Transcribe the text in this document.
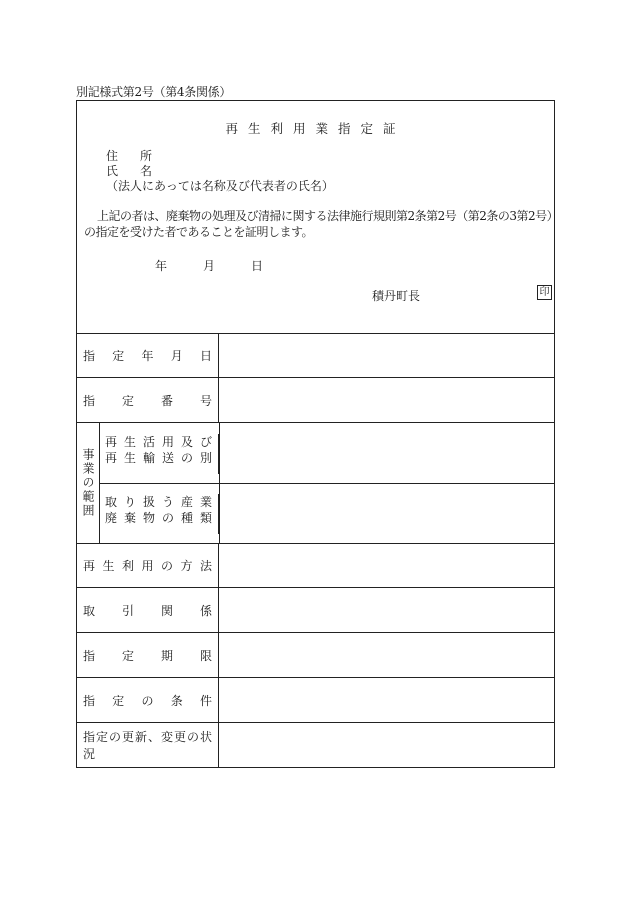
別記様式第2号（第4条関係）
再生利用業指定証
住所
氏名
（法人にあっては名称及び代表者の氏名）
上記の者は、廃棄物の処理及び清掃に関する法律施行規則第2条第2号（第2条の3第2号）の指定を受けた者であることを証明します。
年	月	日
積丹町長	印
指定年月日
指定番号
事業の範囲
再生活用及び
再生輸送の別
取り扱う産業
廃棄物の種類
再生利用の方法
取引関係
指定期限
指定の条件
指定の更新、変更の状況
